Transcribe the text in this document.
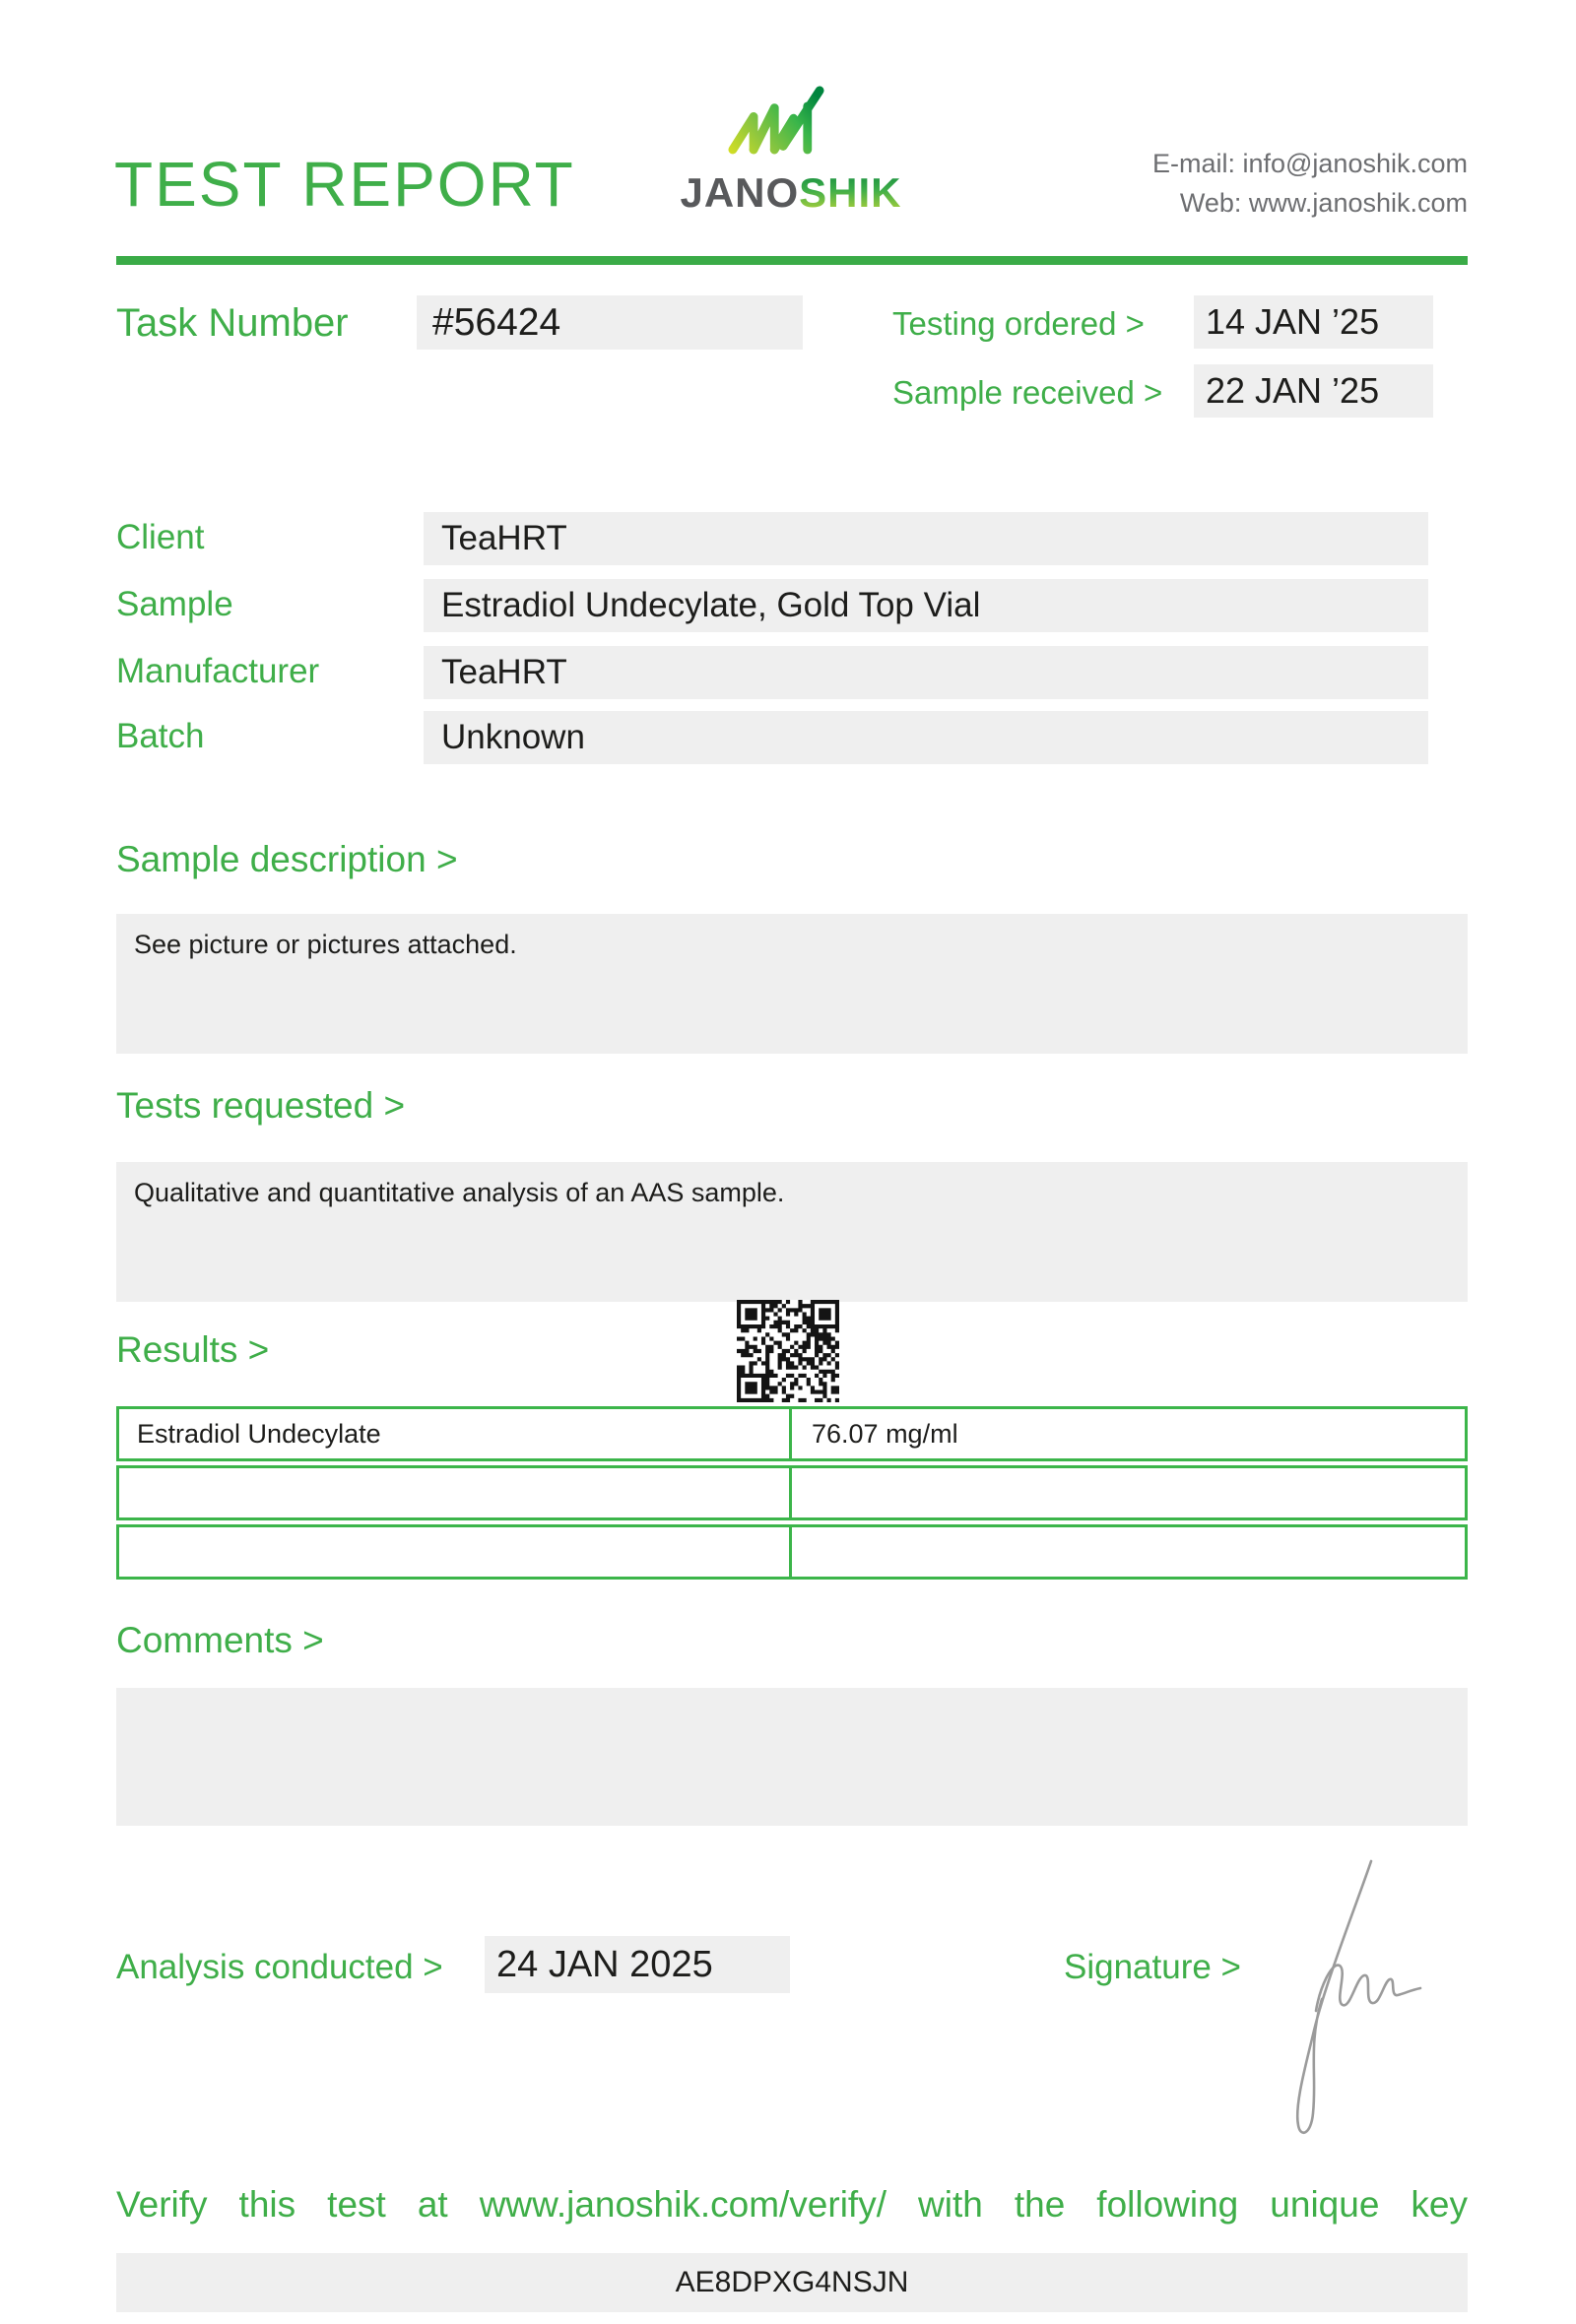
TEST REPORT	JANOSHIK
E-mail: info@janoshik.com
Web: www.janoshik.com
Task Number	#56424	Testing ordered >	14 JAN ’25
Sample received >	22 JAN ’25
Client	TeaHRT
Sample	Estradiol Undecylate, Gold Top Vial
Manufacturer	TeaHRT
Batch	Unknown
Sample description >
See picture or pictures attached.
Tests requested >
Qualitative and quantitative analysis of an AAS sample.
Results >
Estradiol Undecylate	76.07 mg/ml
Comments >
Analysis conducted >	24 JAN 2025	Signature >
Verify this test at www.janoshik.com/verify/ with the following unique key
AE8DPXG4NSJN
